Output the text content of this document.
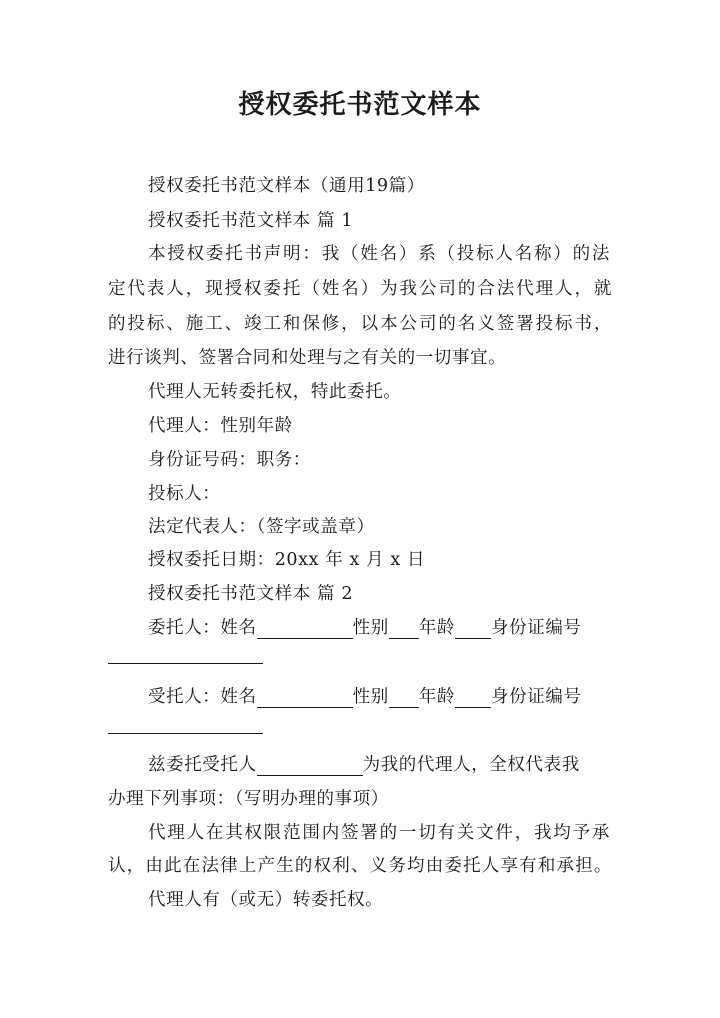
授权委托书范文样本
授权委托书范文样本（通用19篇）
授权委托书范文样本 篇 1
本授权委托书声明：我（姓名）系（投标人名称）的法
定代表人，现授权委托（姓名）为我公司的合法代理人，就
的投标、施工、竣工和保修，以本公司的名义签署投标书，
进行谈判、签署合同和处理与之有关的一切事宜。
代理人无转委托权，特此委托。
代理人：性别年龄
身份证号码：职务：
投标人：
法定代表人：（签字或盖章）
授权委托日期：20xx 年 x 月 x 日
授权委托书范文样本 篇 2
委托人：姓名	性别 年龄 身份证编号
受托人：姓名	性别 年龄 身份证编号
兹委托受托人	为我的代理人，全权代表我
办理下列事项：（写明办理的事项）
代理人在其权限范围内签署的一切有关文件，我均予承
认，由此在法律上产生的权利、义务均由委托人享有和承担。
代理人有（或无）转委托权。
